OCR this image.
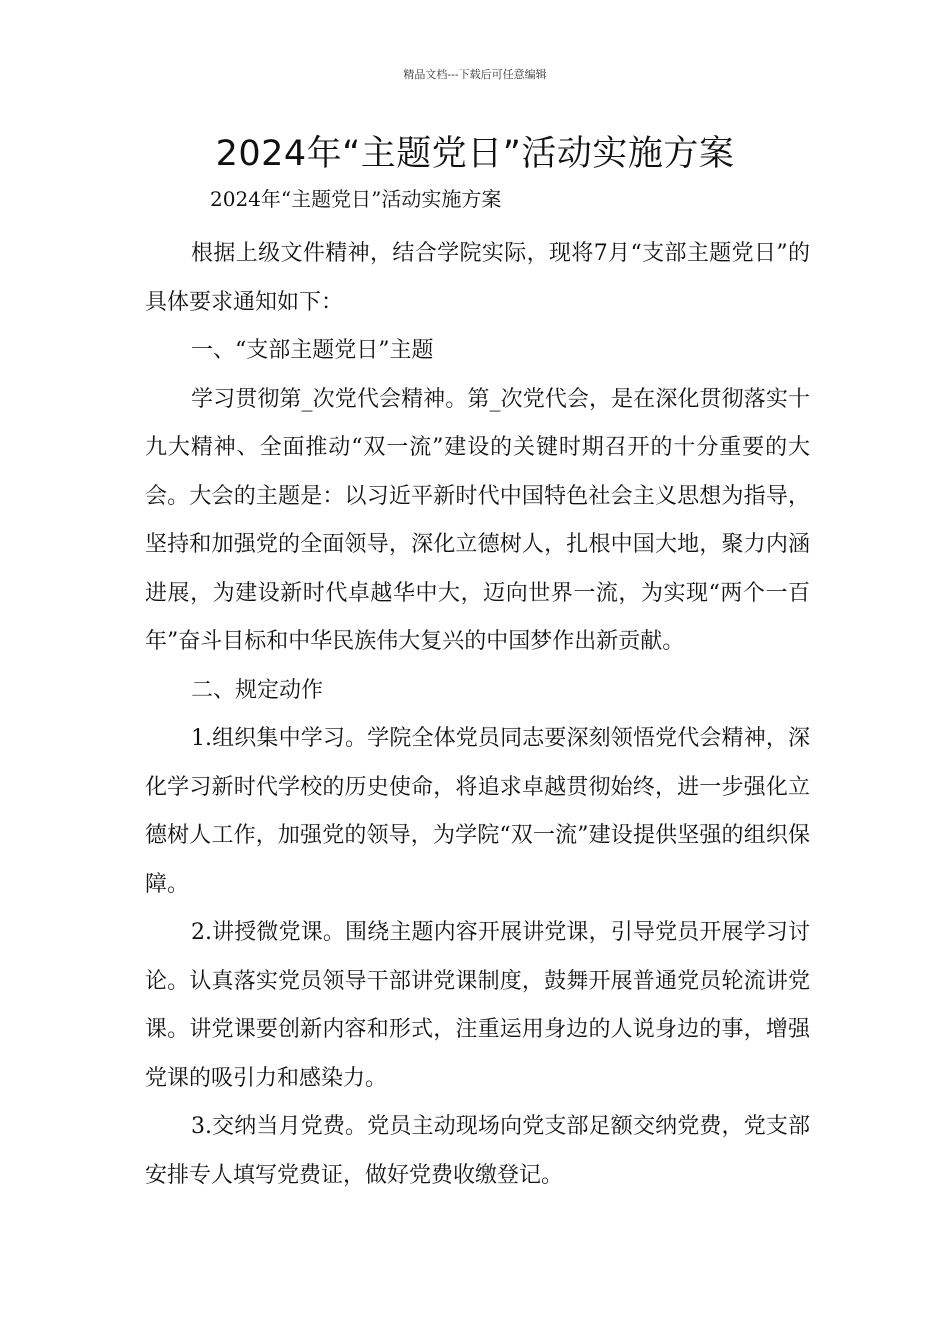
精品文档---下载后可任意编辑
2024年“主题党日”活动实施方案
2024年“主题党日”活动实施方案

根据上级文件精神，结合学院实际，现将7月“支部主题党日”的具体要求通知如下：

一、“支部主题党日”主题

学习贯彻第_次党代会精神。第_次党代会，是在深化贯彻落实十九大精神、全面推动“双一流”建设的关键时期召开的十分重要的大会。大会的主题是：以习近平新时代中国特色社会主义思想为指导，坚持和加强党的全面领导，深化立德树人，扎根中国大地，聚力内涵进展，为建设新时代卓越华中大，迈向世界一流，为实现“两个一百年”奋斗目标和中华民族伟大复兴的中国梦作出新贡献。

二、规定动作

1.组织集中学习。学院全体党员同志要深刻领悟党代会精神，深化学习新时代学校的历史使命，将追求卓越贯彻始终，进一步强化立德树人工作，加强党的领导，为学院“双一流”建设提供坚强的组织保障。

2.讲授微党课。围绕主题内容开展讲党课，引导党员开展学习讨论。认真落实党员领导干部讲党课制度，鼓舞开展普通党员轮流讲党课。讲党课要创新内容和形式，注重运用身边的人说身边的事，增强党课的吸引力和感染力。

3.交纳当月党费。党员主动现场向党支部足额交纳党费，党支部安排专人填写党费证，做好党费收缴登记。
